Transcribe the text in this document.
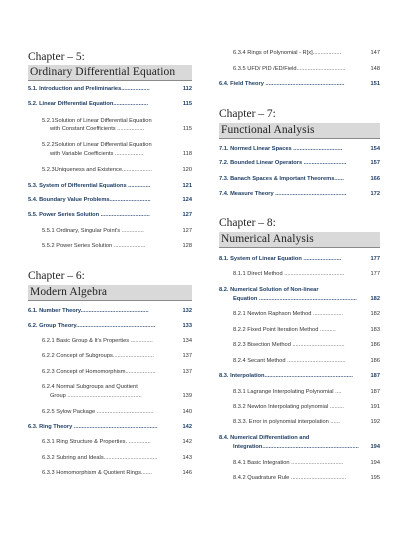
Chapter – 5:
Ordinary Differential Equation
5.1. Introduction and Preliminaries..................	112
5.2. Linear Differential Equation......................	115
5.2.1Solution of Linear Differential Equation
with Constant Coefficients .................	115
5.2.2Solution of Linear Differential Equation
with Variable Coefficients ..................	118
5.2.3Uniqueness and Existence...................	120
5.3. System of Differential Equations ..............	121
5.4. Boundary Value Problems..........................	124
5.5. Power Series Solution ...............................	127
5.5.1 Ordinary, Singular Point's ..............	127
5.5.2 Power Series Solution ....................	128
Chapter – 6:
Modern Algebra
6.1. Number Theory...........................................	132
6.2. Group Theory..................................................	133
6.2.1 Basic Group & It's Properties ..............	134
6.2.2 Concept of Subgroups..........................	137
6.2.3 Concept of Homomorphism...................	137
6.2.4 Normal Subgroups and Quotient
Group ...............................................	139
6.2.5 Sylow Package ....................................	140
6.3. Ring Theory .....................................................	142
6.3.1 Ring Structure & Properties. ..............	142
6.3.2 Subring and Ideals..................................	143
6.3.3 Homomorphism & Quotient Rings.......	146
6.3.4 Rings of Polynomial - R[x]..................	147
6.3.5 UFD/ PID /ED/Field...............................	148
6.4. Field Theory ..................................................	151
Chapter – 7:
Functional Analysis
7.1. Normed Linear Spaces ...............................	154
7.2. Bounded Linear Operators ...........................	157
7.3. Banach Spaces & Important Theorems......	166
7.4. Measure Theory .............................................	172
Chapter – 8:
Numerical Analysis
8.1. System of Linear Equation ........................	177
8.1.1 Direct Method ......................................	177
8.2. Numerical Solution of Non-linear
Equation .............................................................. 182
8.2.1 Newton Raphson Method ...................	182
8.2.2 Fixed Point Iteration Method ..........	183
8.2.3 Bisection Method .................................	186
8.2.4 Secant Method .....................................	186
8.3. Interpolation........................................................	187
8.3.1 Lagrange Interpolating Polynomial ....	187
8.3.2 Newton Interpolating polynomial .........	191
8.3.3. Error in polynomial interpolation ......	192
8.4. Numerical Differentiation and
Integration............................................................. 194
8.4.1 Basic Integration .................................	194
8.4.2 Quadrature Rule ...................................	195
